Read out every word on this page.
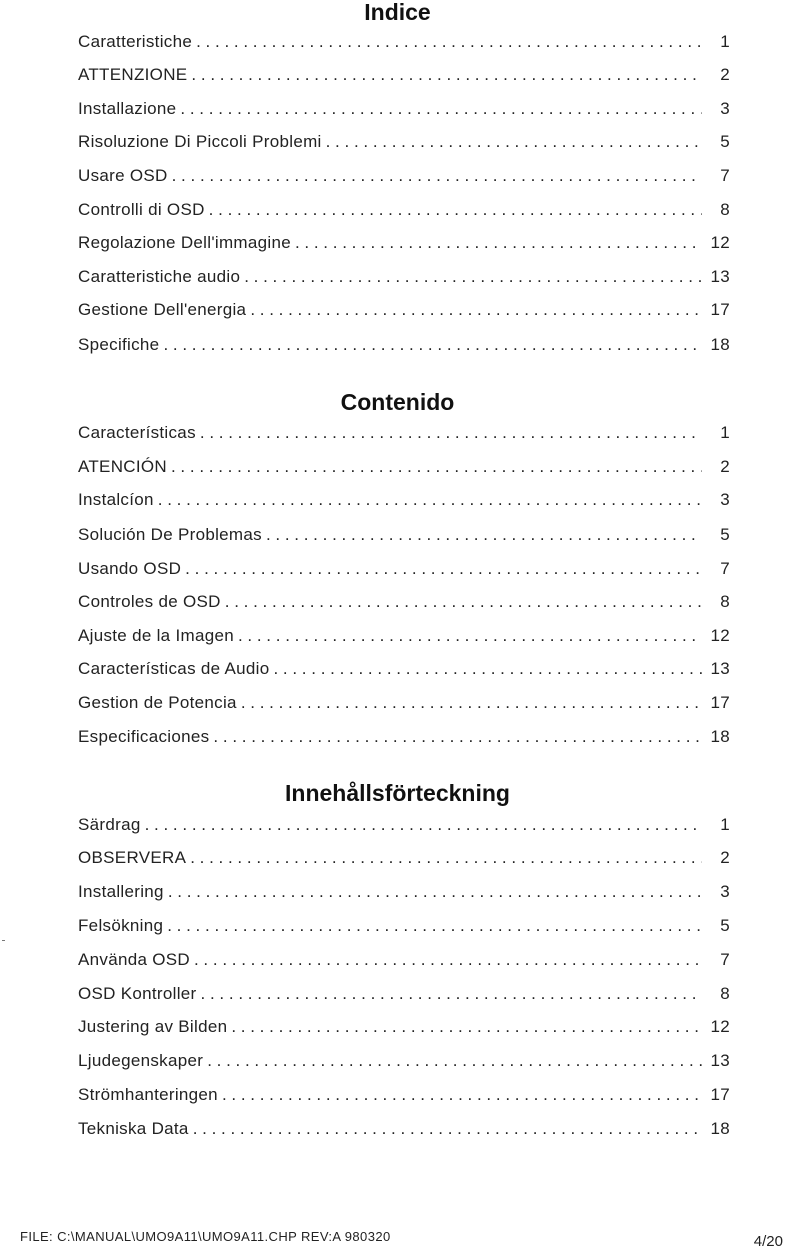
Indice
Caratteristiche . . .	1
ATTENZIONE . . .	2
Installazione . . .	3
Risoluzione Di Piccoli Problemi . . .	5
Usare OSD . . .	7
Controlli di OSD . . .	8
Regolazione Dell'immagine . . .	12
Caratteristiche audio . . .	13
Gestione Dell'energia . . .	17
Specifiche . . .	18
Contenido
Características . . .	1
ATENCIÓN . . .	2
Instalcíon . . .	3
Solución De Problemas . . .	5
Usando OSD . . .	7
Controles de OSD . . .	8
Ajuste de la Imagen . . .	12
Características de Audio . . .	13
Gestion de Potencia . . .	17
Especificaciones . . .	18
Innehållsförteckning
Särdrag . . .	1
OBSERVERA . . .	2
Installering . . .	3
Felsökning . . .	5
Använda OSD . . .	7
OSD Kontroller . . .	8
Justering av Bilden . . .	12
Ljudegenskaper . . .	13
Strömhanteringen . . .	17
Tekniska Data . . .	18
FILE: C:\MANUAL\UMO9A11\UMO9A11.CHP REV:A 980320	4/20
